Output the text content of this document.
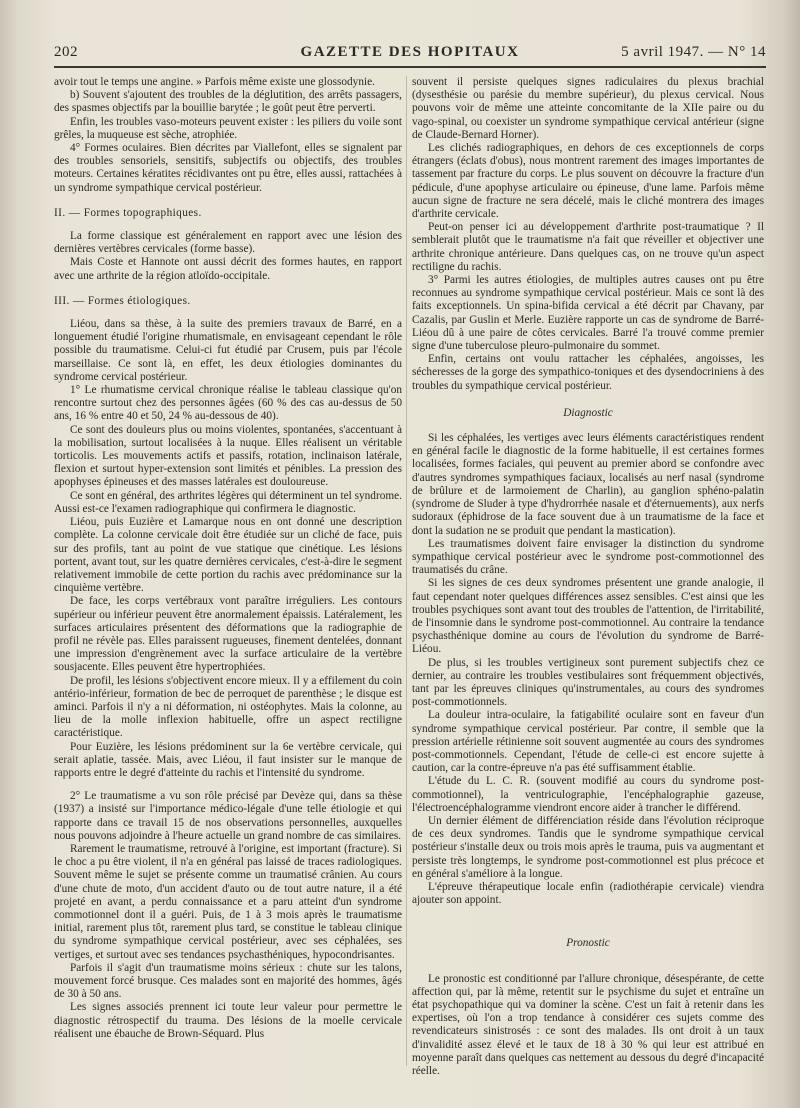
202	GAZETTE DES HOPITAUX	5 avril 1947. — N° 14

avoir tout le temps une angine. » Parfois même existe une glossodynie.

b) Souvent s'ajoutent des troubles de la déglutition, des arrêts passagers, des spasmes objectifs par la bouillie barytée ; le goût peut être perverti.

Enfin, les troubles vaso-moteurs peuvent exister : les piliers du voile sont grêles, la muqueuse est sèche, atrophiée.

4° Formes oculaires. Bien décrites par Viallefont, elles se signalent par des troubles sensoriels, sensitifs, subjectifs ou objectifs, des troubles moteurs. Certaines kératites récidivantes ont pu être, elles aussi, rattachées à un syndrome sympathique cervical postérieur.

II. — Formes topographiques.

La forme classique est généralement en rapport avec une lésion des dernières vertèbres cervicales (forme basse).

Mais Coste et Hannote ont aussi décrit des formes hautes, en rapport avec une arthrite de la région atloïdo-occipitale.

III. — Formes étiologiques.

Liéou, dans sa thèse, à la suite des premiers travaux de Barré, en a longuement étudié l'origine rhumatismale, en envisageant cependant le rôle possible du traumatisme. Celui-ci fut étudié par Crusem, puis par l'école marseillaise. Ce sont là, en effet, les deux étiologies dominantes du syndrome cervical postérieur.

1° Le rhumatisme cervical chronique réalise le tableau classique qu'on rencontre surtout chez des personnes âgées (60 % des cas au-dessus de 50 ans, 16 % entre 40 et 50, 24 % au-dessous de 40).

Ce sont des douleurs plus ou moins violentes, spontanées, s'accentuant à la mobilisation, surtout localisées à la nuque. Elles réalisent un véritable torticolis. Les mouvements actifs et passifs, rotation, inclinaison latérale, flexion et surtout hyper-extension sont limités et pénibles. La pression des apophyses épineuses et des masses latérales est douloureuse.

Ce sont en général, des arthrites légères qui déterminent un tel syndrome. Aussi est-ce l'examen radiographique qui confirmera le diagnostic.

Liéou, puis Euzière et Lamarque nous en ont donné une description complète. La colonne cervicale doit être étudiée sur un cliché de face, puis sur des profils, tant au point de vue statique que cinétique. Les lésions portent, avant tout, sur les quatre dernières cervicales, c'est-à-dire le segment relativement immobile de cette portion du rachis avec prédominance sur la cinquième vertèbre.

De face, les corps vertébraux vont paraître irréguliers. Les contours supérieur ou inférieur peuvent être anormalement épaissis. Latéralement, les surfaces articulaires présentent des déformations que la radiographie de profil ne révèle pas. Elles paraissent rugueuses, finement dentelées, donnant une impression d'engrènement avec la surface articulaire de la vertèbre sousjacente. Elles peuvent être hypertrophiées.

De profil, les lésions s'objectivent encore mieux. Il y a effilement du coin antério-inférieur, formation de bec de perroquet de parenthèse ; le disque est aminci. Parfois il n'y a ni déformation, ni ostéophytes. Mais la colonne, au lieu de la molle inflexion habituelle, offre un aspect rectiligne caractéristique.

Pour Euzière, les lésions prédominent sur la 6e vertèbre cervicale, qui serait aplatie, tassée. Mais, avec Liéou, il faut insister sur le manque de rapports entre le degré d'atteinte du rachis et l'intensité du syndrome.

2° Le traumatisme a vu son rôle précisé par Devèze qui, dans sa thèse (1937) a insisté sur l'importance médico-légale d'une telle étiologie et qui rapporte dans ce travail 15 de nos observations personnelles, auxquelles nous pouvons adjoindre à l'heure actuelle un grand nombre de cas similaires.

Rarement le traumatisme, retrouvé à l'origine, est important (fracture). Si le choc a pu être violent, il n'a en général pas laissé de traces radiologiques. Souvent même le sujet se présente comme un traumatisé crânien. Au cours d'une chute de moto, d'un accident d'auto ou de tout autre nature, il a été projeté en avant, a perdu connaissance et a paru atteint d'un syndrome commotionnel dont il a guéri. Puis, de 1 à 3 mois après le traumatisme initial, rarement plus tôt, rarement plus tard, se constitue le tableau clinique du syndrome sympathique cervical postérieur, avec ses céphalées, ses vertiges, et surtout avec ses tendances psychasthéniques, hypocondrisantes.

Parfois il s'agit d'un traumatisme moins sérieux : chute sur les talons, mouvement forcé brusque. Ces malades sont en majorité des hommes, âgés de 30 à 50 ans.

Les signes associés prennent ici toute leur valeur pour permettre le diagnostic rétrospectif du trauma. Des lésions de la moelle cervicale réalisent une ébauche de Brown-Séquard. Plus

souvent il persiste quelques signes radiculaires du plexus brachial (dysesthésie ou parésie du membre supérieur), du plexus cervical. Nous pouvons voir de même une atteinte concomitante de la XIIe paire ou du vago-spinal, ou coexister un syndrome sympathique cervical antérieur (signe de Claude-Bernard Horner).

Les clichés radiographiques, en dehors de ces exceptionnels de corps étrangers (éclats d'obus), nous montrent rarement des images importantes de tassement par fracture du corps. Le plus souvent on découvre la fracture d'un pédicule, d'une apophyse articulaire ou épineuse, d'une lame. Parfois même aucun signe de fracture ne sera décelé, mais le cliché montrera des images d'arthrite cervicale.

Peut-on penser ici au développement d'arthrite post-traumatique ? Il semblerait plutôt que le traumatisme n'a fait que réveiller et objectiver une arthrite chronique antérieure. Dans quelques cas, on ne trouve qu'un aspect rectiligne du rachis.

3° Parmi les autres étiologies, de multiples autres causes ont pu être reconnues au syndrome sympathique cervical postérieur. Mais ce sont là des faits exceptionnels. Un spina-bifida cervical a été décrit par Chavany, par Cazalis, par Guslin et Merle. Euzière rapporte un cas de syndrome de Barré-Liéou dû à une paire de côtes cervicales. Barré l'a trouvé comme premier signe d'une tuberculose pleuro-pulmonaire du sommet.

Enfin, certains ont voulu rattacher les céphalées, angoisses, les sécheresses de la gorge des sympathico-toniques et des dysendocriniens à des troubles du sympathique cervical postérieur.

Diagnostic

Si les céphalées, les vertiges avec leurs éléments caractéristiques rendent en général facile le diagnostic de la forme habituelle, il est certaines formes localisées, formes faciales, qui peuvent au premier abord se confondre avec d'autres syndromes sympathiques faciaux, localisés au nerf nasal (syndrome de brûlure et de larmoiement de Charlin), au ganglion sphéno-palatin (syndrome de Sluder à type d'hydrorrhée nasale et d'éternuements), aux nerfs sudoraux (éphidrose de la face souvent due à un traumatisme de la face et dont la sudation ne se produit que pendant la mastication).

Les traumatismes doivent faire envisager la distinction du syndrome sympathique cervical postérieur avec le syndrome post-commotionnel des traumatisés du crâne.

Si les signes de ces deux syndromes présentent une grande analogie, il faut cependant noter quelques différences assez sensibles. C'est ainsi que les troubles psychiques sont avant tout des troubles de l'attention, de l'irritabilité, de l'insomnie dans le syndrome post-commotionnel. Au contraire la tendance psychasthénique domine au cours de l'évolution du syndrome de Barré-Liéou.

De plus, si les troubles vertigineux sont purement subjectifs chez ce dernier, au contraire les troubles vestibulaires sont fréquemment objectivés, tant par les épreuves cliniques qu'instrumentales, au cours des syndromes post-commotionnels.

La douleur intra-oculaire, la fatigabilité oculaire sont en faveur d'un syndrome sympathique cervical postérieur. Par contre, il semble que la pression artérielle rétinienne soit souvent augmentée au cours des syndromes post-commotionnels. Cependant, l'étude de celle-ci est encore sujette à caution, car la contre-épreuve n'a pas été suffisamment établie.

L'étude du L. C. R. (souvent modifié au cours du syndrome post-commotionnel), la ventriculographie, l'encéphalographie gazeuse, l'électroencéphalogramme viendront encore aider à trancher le différend.

Un dernier élément de différenciation réside dans l'évolution réciproque de ces deux syndromes. Tandis que le syndrome sympathique cervical postérieur s'installe deux ou trois mois après le trauma, puis va augmentant et persiste très longtemps, le syndrome post-commotionnel est plus précoce et en général s'améliore à la longue.

L'épreuve thérapeutique locale enfin (radiothérapie cervicale) viendra ajouter son appoint.

Pronostic

Le pronostic est conditionné par l'allure chronique, désespérante, de cette affection qui, par là même, retentit sur le psychisme du sujet et entraîne un état psychopathique qui va dominer la scène. C'est un fait à retenir dans les expertises, où l'on a trop tendance à considérer ces sujets comme des revendicateurs sinistrosés : ce sont des malades. Ils ont droit à un taux d'invalidité assez élevé et le taux de 18 à 30 % qui leur est attribué en moyenne paraît dans quelques cas nettement au dessous du degré d'incapacité réelle.
